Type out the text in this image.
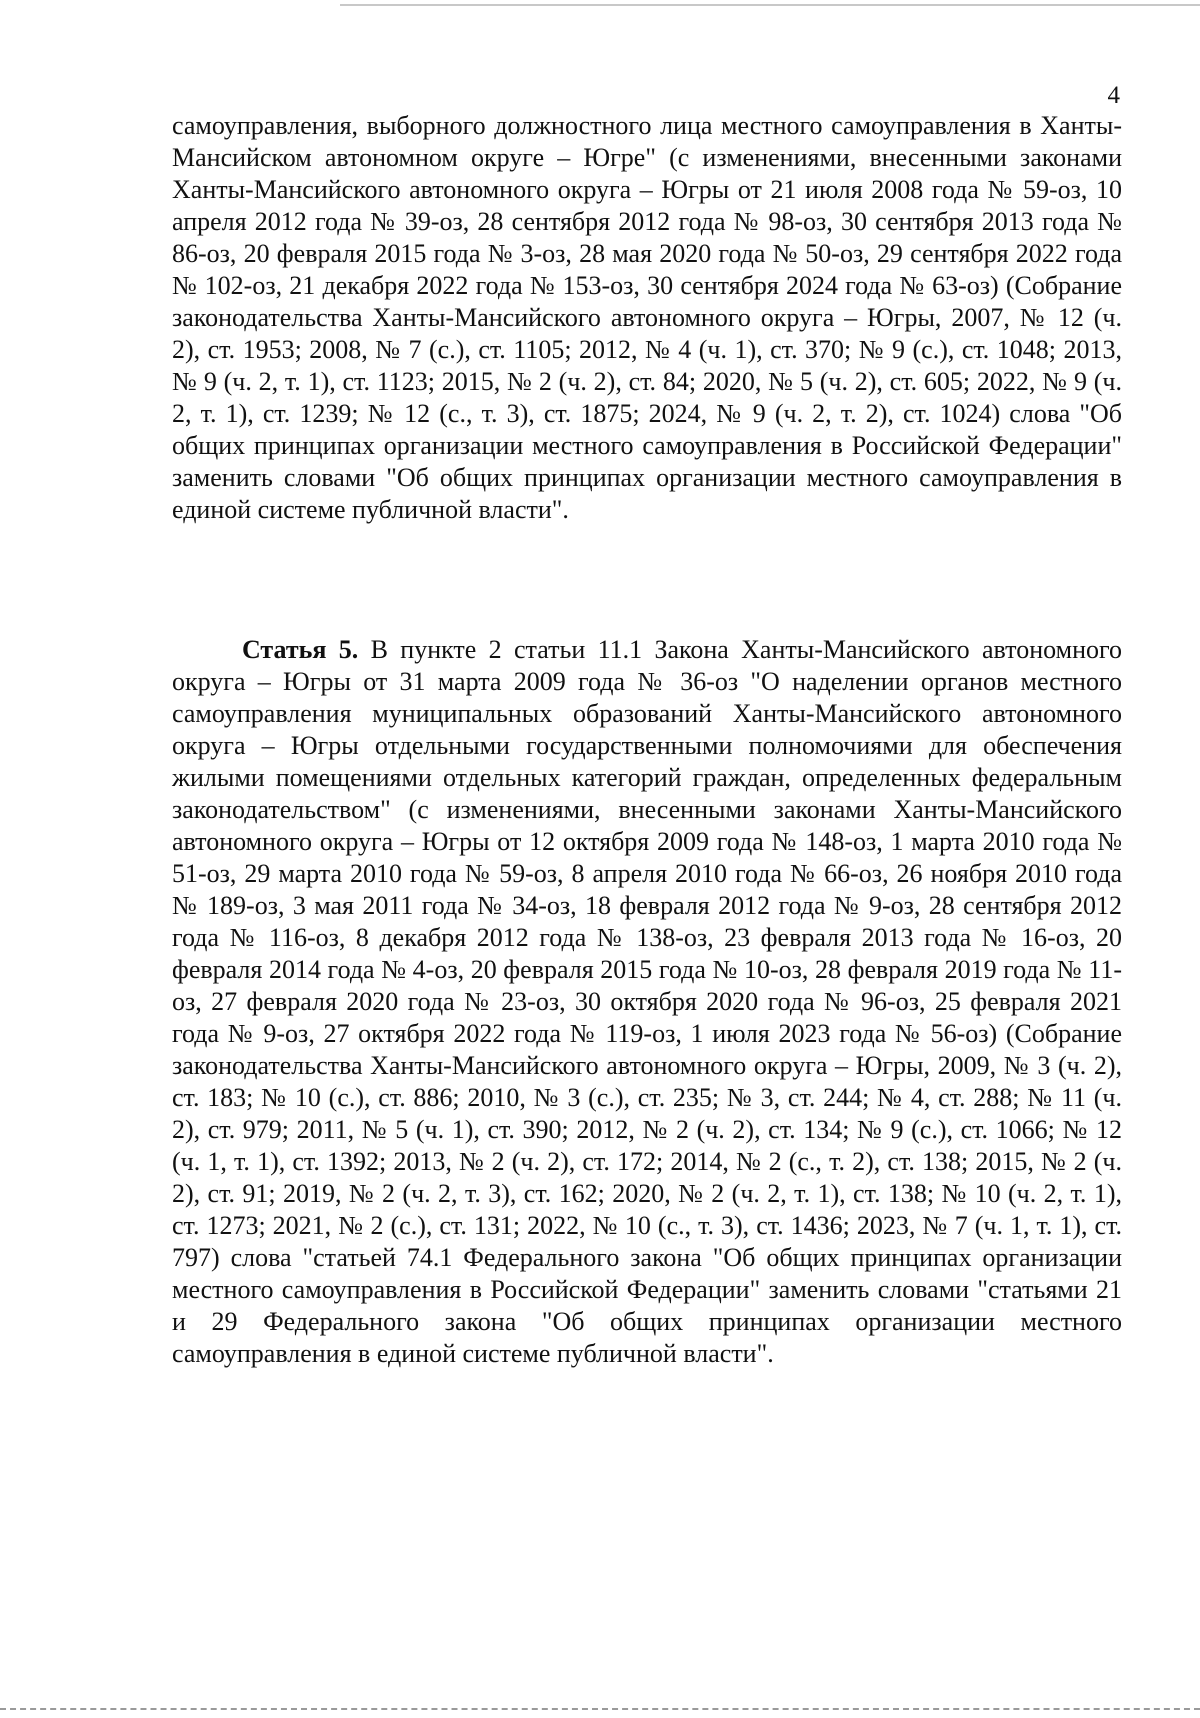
4

самоуправления, выборного должностного лица местного самоуправления в Ханты-Мансийском автономном округе – Югре" (с изменениями, внесенными законами Ханты-Мансийского автономного округа – Югры от 21 июля 2008 года № 59-оз, 10 апреля 2012 года № 39-оз, 28 сентября 2012 года № 98-оз, 30 сентября 2013 года № 86-оз, 20 февраля 2015 года № 3-оз, 28 мая 2020 года № 50-оз, 29 сентября 2022 года № 102-оз, 21 декабря 2022 года № 153-оз, 30 сентября 2024 года № 63-оз) (Собрание законодательства Ханты-Мансийского автономного округа – Югры, 2007, № 12 (ч. 2), ст. 1953; 2008, № 7 (с.), ст. 1105; 2012, № 4 (ч. 1), ст. 370; № 9 (с.), ст. 1048; 2013, № 9 (ч. 2, т. 1), ст. 1123; 2015, № 2 (ч. 2), ст. 84; 2020, № 5 (ч. 2), ст. 605; 2022, № 9 (ч. 2, т. 1), ст. 1239; № 12 (с., т. 3), ст. 1875; 2024, № 9 (ч. 2, т. 2), ст. 1024) слова "Об общих принципах организации местного самоуправления в Российской Федерации" заменить словами "Об общих принципах организации местного самоуправления в единой системе публичной власти".

Статья 5. В пункте 2 статьи 11.1 Закона Ханты-Мансийского автономного округа – Югры от 31 марта 2009 года № 36-оз "О наделении органов местного самоуправления муниципальных образований Ханты-Мансийского автономного округа – Югры отдельными государственными полномочиями для обеспечения жилыми помещениями отдельных категорий граждан, определенных федеральным законодательством" (с изменениями, внесенными законами Ханты-Мансийского автономного округа – Югры от 12 октября 2009 года № 148-оз, 1 марта 2010 года № 51-оз, 29 марта 2010 года № 59-оз, 8 апреля 2010 года № 66-оз, 26 ноября 2010 года № 189-оз, 3 мая 2011 года № 34-оз, 18 февраля 2012 года № 9-оз, 28 сентября 2012 года № 116-оз, 8 декабря 2012 года № 138-оз, 23 февраля 2013 года № 16-оз, 20 февраля 2014 года № 4-оз, 20 февраля 2015 года № 10-оз, 28 февраля 2019 года № 11-оз, 27 февраля 2020 года № 23-оз, 30 октября 2020 года № 96-оз, 25 февраля 2021 года № 9-оз, 27 октября 2022 года № 119-оз, 1 июля 2023 года № 56-оз) (Собрание законодательства Ханты-Мансийского автономного округа – Югры, 2009, № 3 (ч. 2), ст. 183; № 10 (с.), ст. 886; 2010, № 3 (с.), ст. 235; № 3, ст. 244; № 4, ст. 288; № 11 (ч. 2), ст. 979; 2011, № 5 (ч. 1), ст. 390; 2012, № 2 (ч. 2), ст. 134; № 9 (с.), ст. 1066; № 12 (ч. 1, т. 1), ст. 1392; 2013, № 2 (ч. 2), ст. 172; 2014, № 2 (с., т. 2), ст. 138; 2015, № 2 (ч. 2), ст. 91; 2019, № 2 (ч. 2, т. 3), ст. 162; 2020, № 2 (ч. 2, т. 1), ст. 138; № 10 (ч. 2, т. 1), ст. 1273; 2021, № 2 (с.), ст. 131; 2022, № 10 (с., т. 3), ст. 1436; 2023, № 7 (ч. 1, т. 1), ст. 797) слова "статьей 74.1 Федерального закона "Об общих принципах организации местного самоуправления в Российской Федерации" заменить словами "статьями 21 и 29 Федерального закона "Об общих принципах организации местного самоуправления в единой системе публичной власти".
